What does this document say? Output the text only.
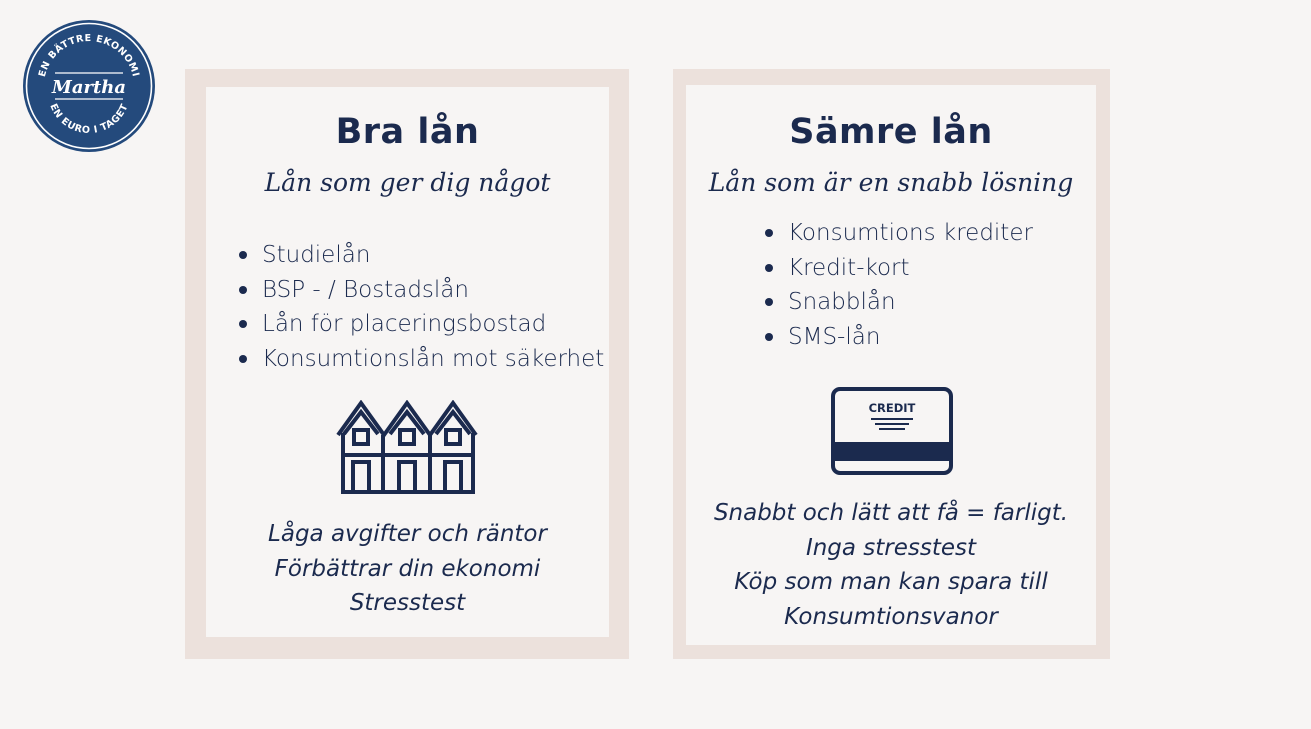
EN BÄTTRE EKONOMI
EN EURO I TAGET
Martha
Bra lån
Lån som ger dig något
Studielån
BSP - / Bostadslån
Lån för placeringsbostad
Konsumtionslån mot säkerhet
Låga avgifter och räntor
Förbättrar din ekonomi
Stresstest
Sämre lån
Lån som är en snabb lösning
Konsumtions krediter
Kredit-kort
Snabblån
SMS-lån
CREDIT
Snabbt och lätt att få = farligt.
Inga stresstest
Köp som man kan spara till
Konsumtionsvanor
